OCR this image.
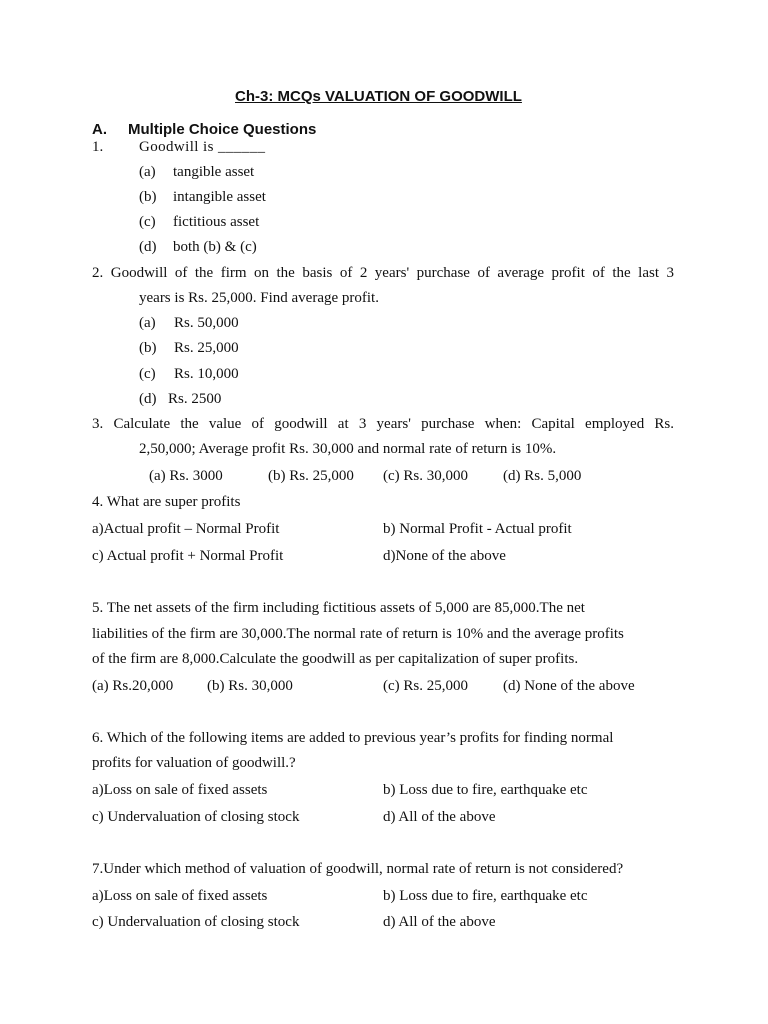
Ch-3: MCQs VALUATION OF GOODWILL
A. Multiple Choice Questions
1. Goodwill is ______
(a) tangible asset
(b) intangible asset
(c) fictitious asset
(d) both (b) & (c)
2. Goodwill of the firm on the basis of 2 years' purchase of average profit of the last 3
years is Rs. 25,000. Find average profit.
(a) Rs. 50,000
(b) Rs. 25,000
(c) Rs. 10,000
(d) Rs. 2500
3. Calculate the value of goodwill at 3 years' purchase when: Capital employed Rs.
2,50,000; Average profit Rs. 30,000 and normal rate of return is 10%.
(a) Rs. 3000	(b) Rs. 25,000 (c) Rs. 30,000 (d) Rs. 5,000
4. What are super profits
a)Actual profit – Normal Profit	b) Normal Profit - Actual profit
c) Actual profit + Normal Profit	d)None of the above
5. The net assets of the firm including fictitious assets of 5,000 are 85,000.The net
liabilities of the firm are 30,000.The normal rate of return is 10% and the average profits
of the firm are 8,000.Calculate the goodwill as per capitalization of super profits.
(a) Rs.20,000 (b) Rs. 30,000	(c) Rs. 25,000 (d) None of the above
6. Which of the following items are added to previous year’s profits for finding normal
profits for valuation of goodwill.?
a)Loss on sale of fixed assets	b) Loss due to fire, earthquake etc
c) Undervaluation of closing stock	d) All of the above
7.Under which method of valuation of goodwill, normal rate of return is not considered?
a)Loss on sale of fixed assets	b) Loss due to fire, earthquake etc
c) Undervaluation of closing stock	d) All of the above
